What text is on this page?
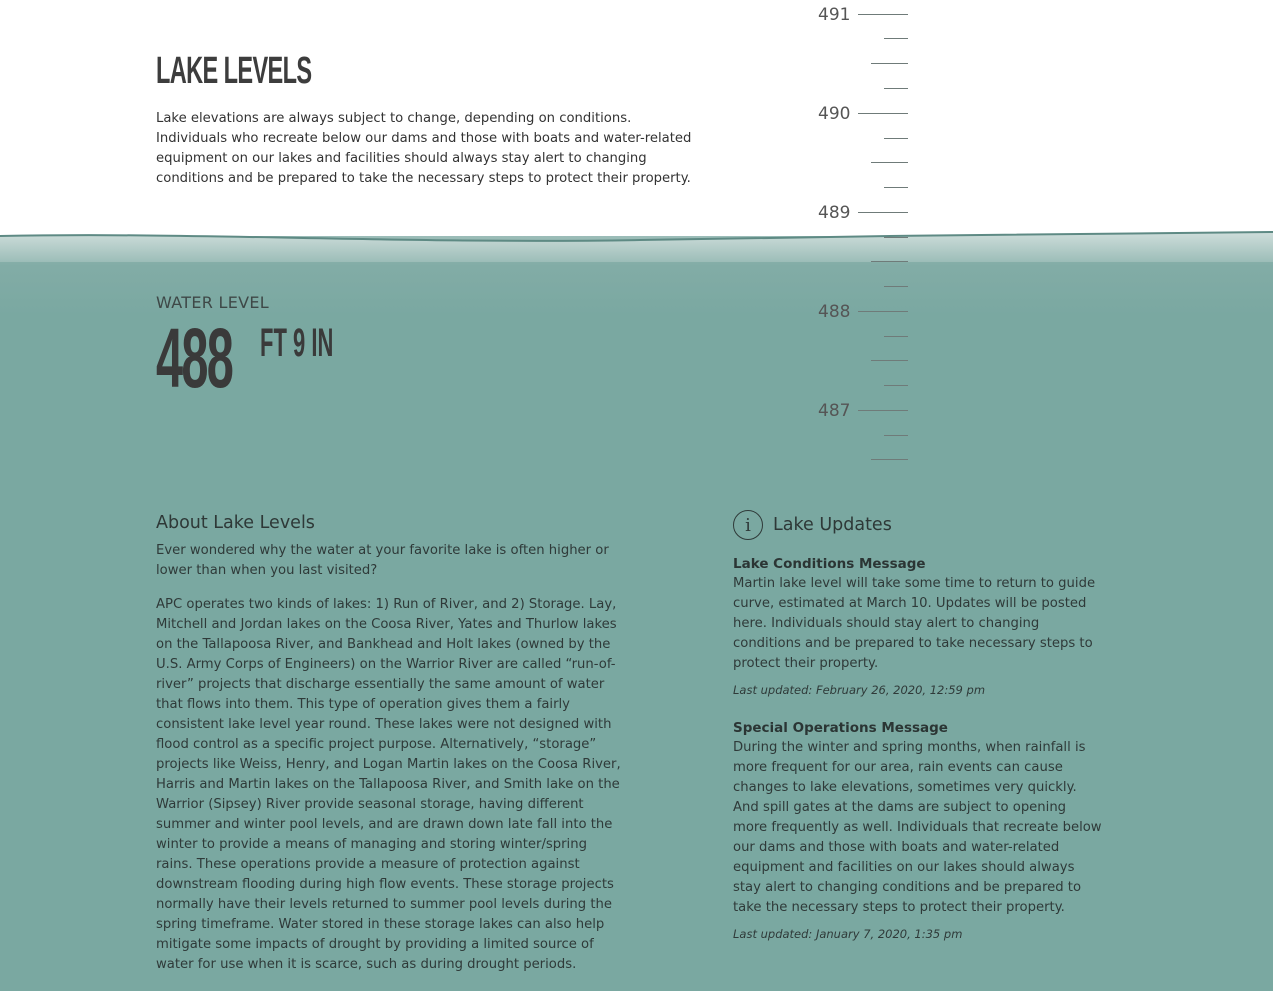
LAKE LEVELS

Lake elevations are always subject to change, depending on conditions. Individuals who recreate below our dams and those with boats and water-related equipment on our lakes and facilities should always stay alert to changing conditions and be prepared to take the necessary steps to protect their property.

491
490
489
488
487
WATER LEVEL
488 FT 9 IN
About Lake Levels

Ever wondered why the water at your favorite lake is often higher or lower than when you last visited?

APC operates two kinds of lakes: 1) Run of River, and 2) Storage. Lay, Mitchell and Jordan lakes on the Coosa River, Yates and Thurlow lakes on the Tallapoosa River, and Bankhead and Holt lakes (owned by the U.S. Army Corps of Engineers) on the Warrior River are called “run-of-river” projects that discharge essentially the same amount of water that flows into them. This type of operation gives them a fairly consistent lake level year round. These lakes were not designed with flood control as a specific project purpose. Alternatively, “storage” projects like Weiss, Henry, and Logan Martin lakes on the Coosa River, Harris and Martin lakes on the Tallapoosa River, and Smith lake on the Warrior (Sipsey) River provide seasonal storage, having different summer and winter pool levels, and are drawn down late fall into the winter to provide a means of managing and storing winter/spring rains. These operations provide a measure of protection against downstream flooding during high flow events. These storage projects normally have their levels returned to summer pool levels during the spring timeframe. Water stored in these storage lakes can also help mitigate some impacts of drought by providing a limited source of water for use when it is scarce, such as during drought periods.

i	Lake Updates
Lake Conditions Message

Martin lake level will take some time to return to guide curve, estimated at March 10. Updates will be posted here. Individuals should stay alert to changing conditions and be prepared to take necessary steps to protect their property.

Last updated: February 26, 2020, 12:59 pm

Special Operations Message

During the winter and spring months, when rainfall is more frequent for our area, rain events can cause changes to lake elevations, sometimes very quickly. And spill gates at the dams are subject to opening more frequently as well. Individuals that recreate below our dams and those with boats and water-related equipment and facilities on our lakes should always stay alert to changing conditions and be prepared to take the necessary steps to protect their property.

Last updated: January 7, 2020, 1:35 pm
